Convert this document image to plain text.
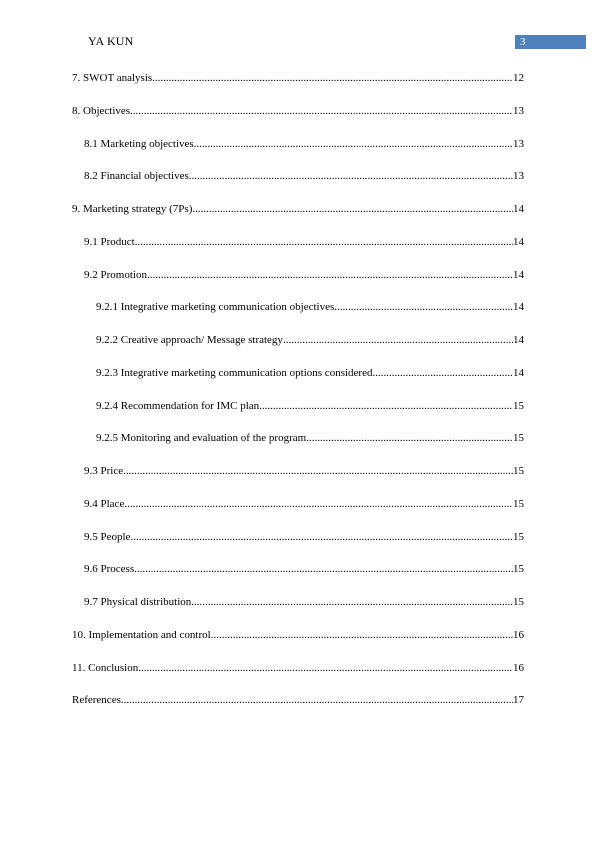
YA KUN	3
7. SWOT analysis .....	12
8. Objectives .....	13
8.1 Marketing objectives .....	13
8.2 Financial objectives .....	13
9. Marketing strategy (7Ps) .....	14
9.1 Product .....	14
9.2 Promotion .....	14
9.2.1 Integrative marketing communication objectives .....	14
9.2.2 Creative approach/ Message strategy .....	14
9.2.3 Integrative marketing communication options considered .....	14
9.2.4 Recommendation for IMC plan .....	15
9.2.5 Monitoring and evaluation of the program .....	15
9.3 Price .....	15
9.4 Place .....	15
9.5 People .....	15
9.6 Process .....	15
9.7 Physical distribution .....	15
10. Implementation and control .....	16
11. Conclusion .....	16
References .....	17
